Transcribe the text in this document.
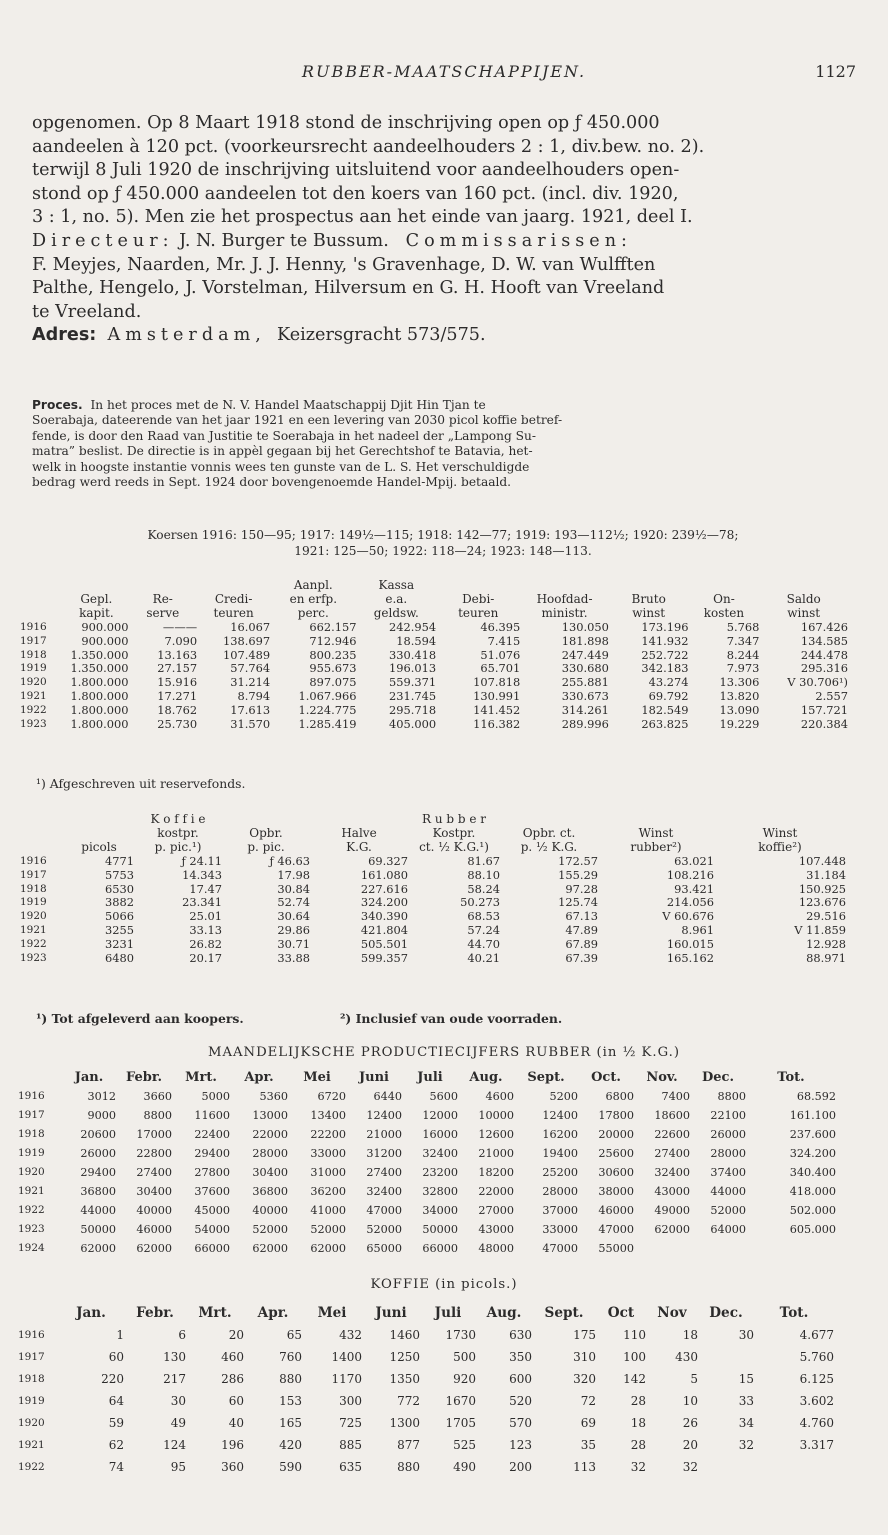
RUBBER-MAATSCHAPPIJEN.	1127
opgenomen. Op 8 Maart 1918 stond de inschrijving open op ƒ 450.000
aandeelen à 120 pct. (voorkeursrecht aandeelhouders 2 : 1, div.bew. no. 2).
terwijl 8 Juli 1920 de inschrijving uitsluitend voor aandeelhouders open-
stond op ƒ 450.000 aandeelen tot den koers van 160 pct. (incl. div. 1920,
3 : 1, no. 5). Men zie het prospectus aan het einde van jaarg. 1921, deel I.
Directeur: J. N. Burger te Bussum. Commissarissen:
F. Meyjes, Naarden, Mr. J. J. Henny, 's Gravenhage, D. W. van Wulfften
Palthe, Hengelo, J. Vorstelman, Hilversum en G. H. Hooft van Vreeland
te Vreeland.
Adres: Amsterdam, Keizersgracht 573/575.
Proces. In het proces met de N. V. Handel Maatschappij Djit Hin Tjan te
Soerabaja, dateerende van het jaar 1921 en een levering van 2030 picol koffie betref-
fende, is door den Raad van Justitie te Soerabaja in het nadeel der „Lampong Su-
matra” beslist. De directie is in appèl gegaan bij het Gerechtshof te Batavia, het-
welk in hoogste instantie vonnis wees ten gunste van de L. S. Het verschuldigde
bedrag werd reeds in Sept. 1924 door bovengenoemde Handel-Mpij. betaald.
Koersen 1916: 150—95; 1917: 149½—115; 1918: 142—77; 1919: 193—112½; 1920: 239½—78;
1921: 125—50; 1922: 118—24; 1923: 148—113.
				Aanpl.	Kassa					
	Gepl.	Re-	Credi-	en erfp.	e.a.	Debi-	Hoofdad-	Bruto	On-	Saldo
	kapit.	serve	teuren	perc.	geldsw.	teuren	ministr.	winst	kosten	winst
1916	900.000	———	16.067	662.157	242.954	46.395	130.050	173.196	5.768	167.426
1917	900.000	7.090	138.697	712.946	18.594	7.415	181.898	141.932	7.347	134.585
1918	1.350.000	13.163	107.489	800.235	330.418	51.076	247.449	252.722	8.244	244.478
1919	1.350.000	27.157	57.764	955.673	196.013	65.701	330.680	342.183	7.973	295.316
1920	1.800.000	15.916	31.214	897.075	559.371	107.818	255.881	43.274	13.306	V 30.706¹)
1921	1.800.000	17.271	8.794	1.067.966	231.745	130.991	330.673	69.792	13.820	2.557
1922	1.800.000	18.762	17.613	1.224.775	295.718	141.452	314.261	182.549	13.090	157.721
1923	1.800.000	25.730	31.570	1.285.419	405.000	116.382	289.996	263.825	19.229	220.384
¹) Afgeschreven uit reservefonds.
		K o f f i e			R u b b e r			
		kostpr.	Opbr.	Halve	Kostpr.	Opbr. ct.	Winst	Winst
	picols	p. pic.¹)	p. pic.	K.G.	ct. ½ K.G.¹)	p. ½ K.G.	rubber²)	koffie²)
1916	4771	ƒ 24.11	ƒ 46.63	69.327	81.67	172.57	63.021	107.448
1917	5753	14.343	17.98	161.080	88.10	155.29	108.216	31.184
1918	6530	17.47	30.84	227.616	58.24	97.28	93.421	150.925
1919	3882	23.341	52.74	324.200	50.273	125.74	214.056	123.676
1920	5066	25.01	30.64	340.390	68.53	67.13	V 60.676	29.516
1921	3255	33.13	29.86	421.804	57.24	47.89	8.961	V 11.859
1922	3231	26.82	30.71	505.501	44.70	67.89	160.015	12.928
1923	6480	20.17	33.88	599.357	40.21	67.39	165.162	88.971
¹) Tot afgeleverd aan koopers.	²) Inclusief van oude voorraden.
MAANDELIJKSCHE PRODUCTIECIJFERS RUBBER (in ½ K.G.)
	Jan.	Febr.	Mrt.	Apr.	Mei	Juni	Juli	Aug.	Sept.	Oct.	Nov.	Dec.	Tot.
1916	3012	3660	5000	5360	6720	6440	5600	4600	5200	6800	7400	8800	68.592
1917	9000	8800	11600	13000	13400	12400	12000	10000	12400	17800	18600	22100	161.100
1918	20600	17000	22400	22000	22200	21000	16000	12600	16200	20000	22600	26000	237.600
1919	26000	22800	29400	28000	33000	31200	32400	21000	19400	25600	27400	28000	324.200
1920	29400	27400	27800	30400	31000	27400	23200	18200	25200	30600	32400	37400	340.400
1921	36800	30400	37600	36800	36200	32400	32800	22000	28000	38000	43000	44000	418.000
1922	44000	40000	45000	40000	41000	47000	34000	27000	37000	46000	49000	52000	502.000
1923	50000	46000	54000	52000	52000	52000	50000	43000	33000	47000	62000	64000	605.000
1924	62000	62000	66000	62000	62000	65000	66000	48000	47000	55000			
KOFFIE (in picols.)
	Jan.	Febr.	Mrt.	Apr.	Mei	Juni	Juli	Aug.	Sept.	Oct	Nov	Dec.	Tot.
1916	1	6	20	65	432	1460	1730	630	175	110	18	30	4.677
1917	60	130	460	760	1400	1250	500	350	310	100	430		5.760
1918	220	217	286	880	1170	1350	920	600	320	142	5	15	6.125
1919	64	30	60	153	300	772	1670	520	72	28	10	33	3.602
1920	59	49	40	165	725	1300	1705	570	69	18	26	34	4.760
1921	62	124	196	420	885	877	525	123	35	28	20	32	3.317
1922	74	95	360	590	635	880	490	200	113	32	32		
